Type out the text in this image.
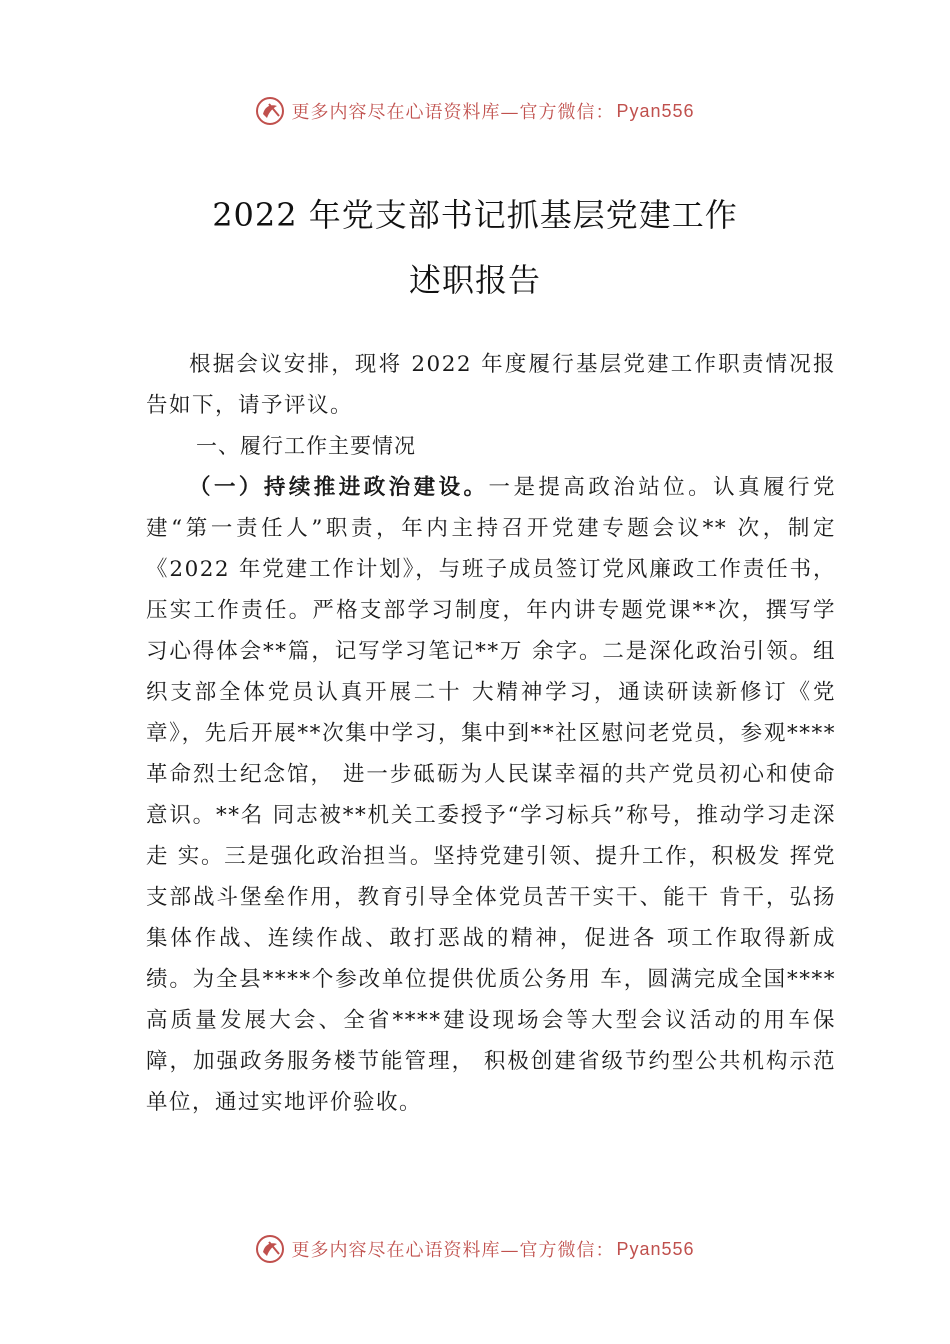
更多内容尽在心语资料库—官方微信： Pyan556
2022 年党支部书记抓基层党建工作
述职报告

根据会议安排，现将 2022 年度履行基层党建工作职责情况报告如下，请予评议。

一、履行工作主要情况

（一）持续推进政治建设。一是提高政治站位。认真履行党建“第一责任人”职责，年内主持召开党建专题会议** 次，制定《2022 年党建工作计划》，与班子成员签订党风廉政工作责任书，压实工作责任。严格支部学习制度，年内讲专题党课**次，撰写学习心得体会**篇，记写学习笔记**万 余字。二是深化政治引领。组织支部全体党员认真开展二十 大精神学习，通读研读新修订《党章》，先后开展**次集中学习，集中到**社区慰问老党员，参观****革命烈士纪念馆， 进一步砥砺为人民谋幸福的共产党员初心和使命意识。**名 同志被**机关工委授予“学习标兵”称号，推动学习走深走 实。三是强化政治担当。坚持党建引领、提升工作，积极发 挥党支部战斗堡垒作用，教育引导全体党员苦干实干、能干 肯干，弘扬集体作战、连续作战、敢打恶战的精神，促进各 项工作取得新成绩。为全县****个参改单位提供优质公务用 车，圆满完成全国****高质量发展大会、全省****建设现场会等大型会议活动的用车保障，加强政务服务楼节能管理， 积极创建省级节约型公共机构示范单位，通过实地评价验收。

更多内容尽在心语资料库—官方微信： Pyan556
